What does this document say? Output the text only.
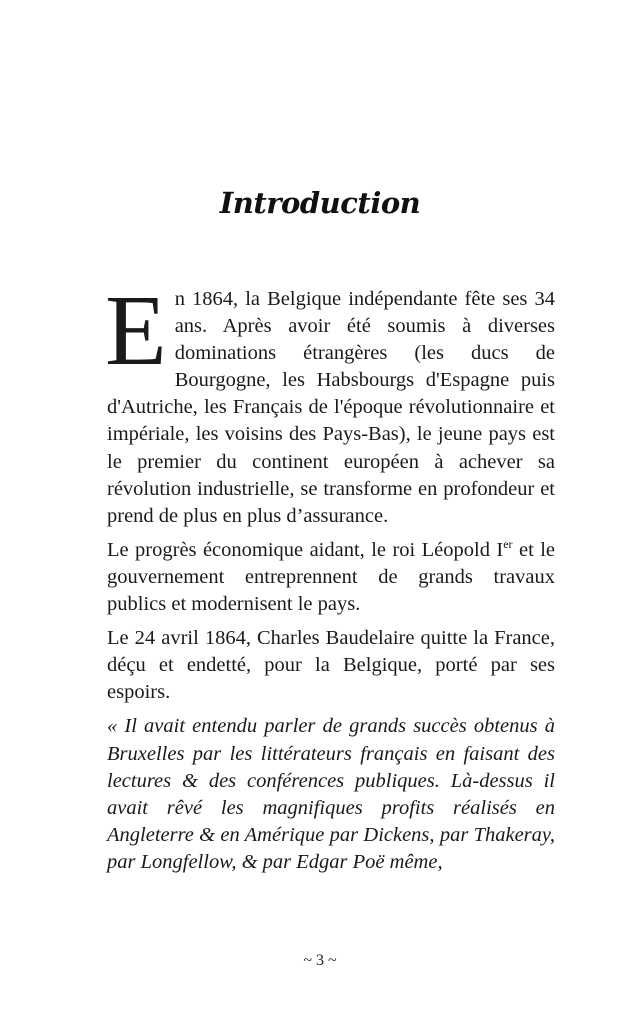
Introduction

En 1864, la Belgique indépendante fête ses 34 ans. Après avoir été soumis à diverses dominations étrangères (les ducs de Bourgogne, les Habsbourgs d'Espagne puis d'Autriche, les Français de l'époque révolutionnaire et impériale, les voisins des Pays-Bas), le jeune pays est le premier du continent européen à achever sa révolution industrielle, se transforme en profondeur et prend de plus en plus d’assurance.

Le progrès économique aidant, le roi Léopold Ier et le gouvernement entreprennent de grands travaux publics et modernisent le pays.

Le 24 avril 1864, Charles Baudelaire quitte la France, déçu et endetté, pour la Belgique, porté par ses espoirs.

« Il avait entendu parler de grands succès obtenus à Bruxelles par les littérateurs français en faisant des lectures & des conférences publiques. Là-dessus il avait rêvé les magnifiques profits réalisés en Angleterre & en Amérique par Dickens, par Thakeray, par Longfellow, & par Edgar Poë même,

~ 3 ~
